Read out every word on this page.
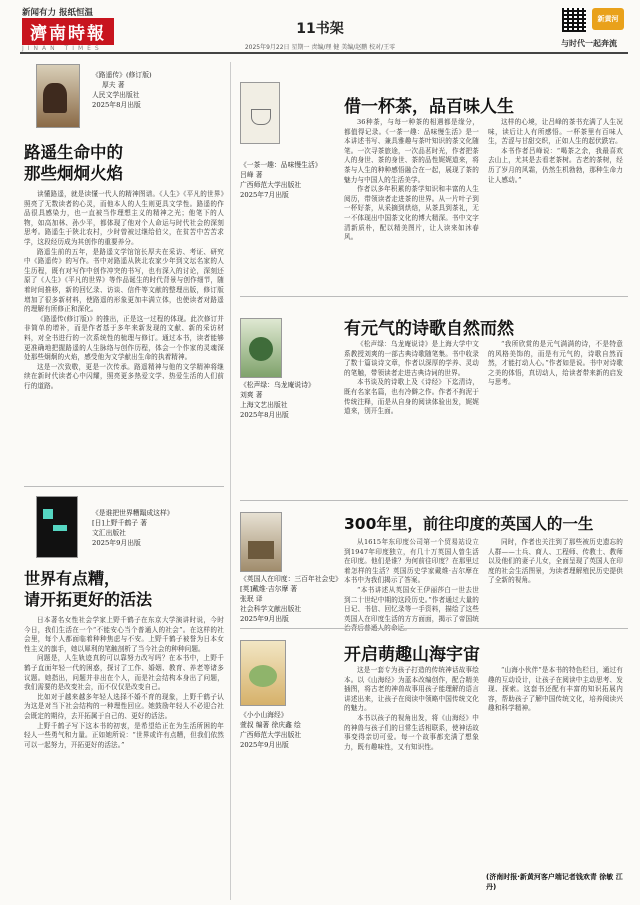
新闻有力 报纸恒温
濟南時報
JINAN TIMES
11书架
2025年9月22日 星期一 责编/理 健 美编/赵鹏 校对/王零
新黄河
与时代一起奔流
《路遥传》(修订版)
厚夫 著
人民文学出版社
2025年8月出版
路遥生命中的
那些炯炯火焰

读懂路遥，就是读懂一代人的精神图谱。《人生》《平凡的世界》照亮了无数读者的心灵，而他本人的人生则更具文学性。路遥的作品很具感染力，也一直被当作理想主义的精神之光；他笔下的人物，如高加林、孙少平，都体现了他对个人命运与时代社会的深刻思考。路遥生于陕北农村，少时曾被过继给伯父，在贫苦中苦苦求学，这段经历成为其创作的重要养分。

路遥生前的五年，是路遥文学馆馆长厚夫在采访、考证、研究中《路遥传》的写作。书中对路遥从陕北农家少年到文坛名家的人生历程，既有对写作中创作冲突的书写，也有深入的讨论，深刻还原了《人生》《平凡的世界》等作品诞生的时代背景与创作细节，随着时间推移，新的回忆录、访谈、信件等文献的整理出版，修订版增加了很多新材料，使路遥的形象更加丰满立体，也使读者对路遥的理解有所修正和深化。

《路遥传(修订版)》的推出，正是这一过程的体现。此次修订并非简单的增补，而是作者基于多年来新发现的文献、新的采访材料，对全书进行的一次系统性的梳理与修订。通过本书，读者能够更准确地把握路遥的人生脉络与创作历程，体会一个作家的灵魂深处那些炯炯的火焰，感受他为文学献出生命的执着精神。

这是一次致敬，更是一次传承。路遥精神与他的文学精神将继续在新时代读者心中闪耀，照亮更多热爱文学、热爱生活的人们前行的道路。

《是谁把世界糟蹋成这样》
[日]上野千鹤子 著
文汇出版社
2025年9月出版
世界有点糟，
请开拓更好的活法

日本著名女性社会学家上野千鹤子在东京大学演讲时说，今时今日，我们生活在一个“不能安心当个普通人的社会”。在这样的社会里，每个人都面临着种种焦虑与不安。上野千鹤子被誉为日本女性主义的旗手，她以犀利的笔触剖析了当今社会的种种问题。

问题是，人生轨迹真的可以靠努力改写吗？在本书中，上野千鹤子直面年轻一代的困惑，探讨了工作、婚姻、教育、养老等诸多议题。她指出，问题并非出在个人，而是社会结构本身出了问题，我们需要的是改变社会，而不仅仅是改变自己。

比如对于越来越多年轻人选择不婚不育的现象，上野千鹤子认为这是对当下社会结构的一种理性回应。她鼓励年轻人不必迎合社会既定的期待，去开拓属于自己的、更好的活法。

上野千鹤子写下这本书的初衷，是希望给正在为生活所困的年轻人一些勇气和力量。正如她所说：“世界或许有点糟，但我们依然可以一起努力，开拓更好的活法。”

《一茶一趣：品味慢生活》
吕峰 著
广西师范大学出版社
2025年7月出版
借一杯茶，品百味人生

36种茶，与每一种茶的相遇都是缘分，都值得记录。《一茶一趣：品味慢生活》是一本讲述书写、兼具雅趣与茶叶知识的茶文化随笔。一次寻茶旅途，一次品茗时光，作者把茶人的身世、茶的身世、茶的品性娓娓道来，将茶与人生的种种感悟融合在一起，展现了茶的魅力与中国人的生活美学。

作者以多年积累的茶学知识和丰富的人生阅历，带领读者走进茶的世界。从一片叶子到一杯好茶，从采摘到烘焙，从茶具到茶礼，无一不体现出中国茶文化的博大精深。书中文字清新质朴，配以精美图片，让人读来如沐春风。

这样的心境，让吕峰的茶书充满了人生况味，读后让人有所感悟。一杯茶里有百味人生，苦涩与甘甜交织，正如人生的起伏跌宕。

本书作者吕峰说：“喝茶之余，我最喜欢去山上，尤其是去看老茶树。古老的茶树，经历了岁月的风霜，仍然生机勃勃，那种生命力让人感动。”

《松声绿：乌龙庵说诗》
刘爽 著
上海文艺出版社
2025年8月出版
有元气的诗歌自然而然

《松声绿：乌龙庵说诗》是上海大学中文系教授刘爽的一部古典诗歌随笔集。书中收录了数十篇谈诗文章，作者以深厚的学养、灵动的笔触，带领读者走进古典诗词的世界。

本书谈及的诗歌上及《诗经》下迄清诗，既有名家名篇，也有冷僻之作。作者不拘泥于传统注释，而是从自身的阅读体验出发，娓娓道来，别开生面。

“我所欣赏的是元气满满的诗，不是特意的风格美饰的，而是有元气的，诗歌自然而然，才能打动人心。”作者如是说。书中对诗歌之美的体悟，真切动人，给读者带来新的启发与思考。

《英国人在印度：三百年社会史》
[英]戴维·吉尔摩 著
张珉 译
社会科学文献出版社
2025年9月出版
300年里，前往印度的英国人的一生

从1615年东印度公司第一个贸易站设立到1947年印度独立，有几十万英国人曾生活在印度。他们是谁？为何前往印度？在那里过着怎样的生活？英国历史学家戴维·吉尔摩在本书中为我们揭示了答案。

“本书讲述从英国女王伊丽莎白一世去世到二十世纪中期的这段历史。”作者通过大量的日记、书信、回忆录等一手资料，描绘了这些英国人在印度生活的方方面面，揭示了帝国统

同时，作者也关注到了那些被历史遗忘的人群——士兵、商人、工程师、传教士、教师以及他们的妻子儿女，全面呈现了英国人在印度的社会生活图景，为读者理解殖民历史提供了全新的视角。

《小小山海经》
萱叔 编著 徐庆鑫 绘
广西师范大学出版社
2025年9月出版
开启萌趣山海宇宙

这是一套专为孩子打造的传统神话故事绘本。以《山海经》为蓝本改编创作，配合精美插图，将古老的神兽故事用孩子能理解的语言讲述出来，让孩子在阅读中领略中国传统文化的魅力。

本书以孩子的视角出发，将《山海经》中的神兽与孩子们的日常生活相联系，使神话故事变得亲切可爱。每一个故事都充满了想象力，既有趣味性，又有知识性。

“山海小伙伴”是本书的特色栏目，通过有趣的互动设计，让孩子在阅读中主动思考、发现、探索。这套书还配有丰富的知识拓展内容，帮助孩子了解中国传统文化，培养阅读兴趣和科学精神。

(济南时报·新黄河客户端记者钱欢青 徐敏 江丹)
